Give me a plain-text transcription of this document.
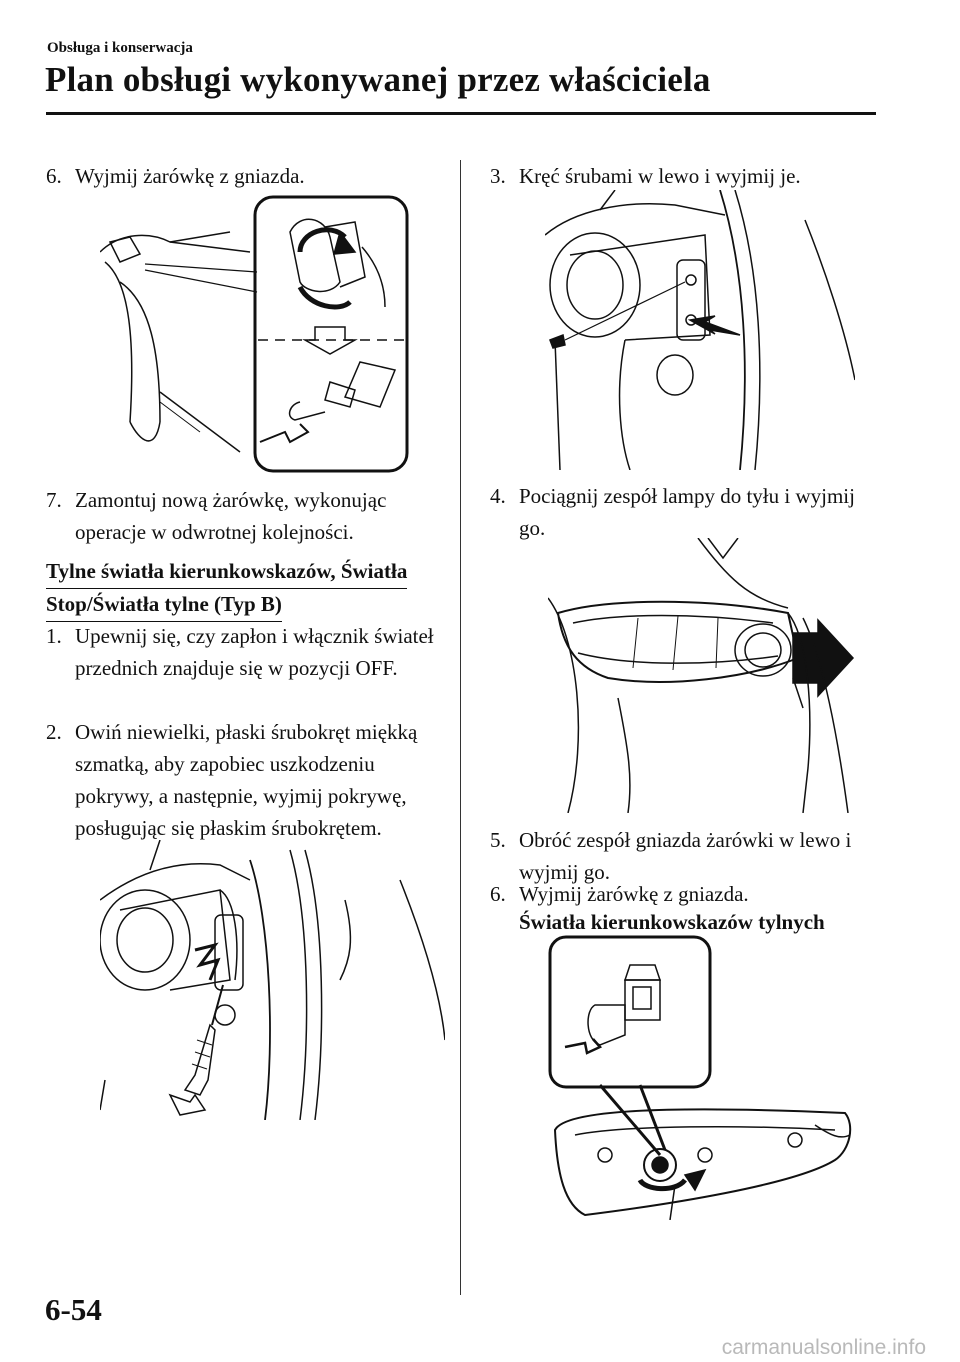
Obsługa i konserwacja
Plan obsługi wykonywanej przez właściciela
6. Wyjmij żarówkę z gniazda.
7. Zamontuj nową żarówkę, wykonując operacje w odwrotnej kolejności.
Tylne światła kierunkowskazów, Światła
Stop/Światła tylne (Typ B)
1. Upewnij się, czy zapłon i włącznik świateł przednich znajduje się w pozycji OFF.
2. Owiń niewielki, płaski śrubokręt miękką szmatką, aby zapobiec uszkodzeniu pokrywy, a następnie, wyjmij pokrywę, posługując się płaskim śrubokrętem.
3. Kręć śrubami w lewo i wyjmij je.
4. Pociągnij zespół lampy do tyłu i wyjmij go.
5. Obróć zespół gniazda żarówki w lewo i wyjmij go.
6. Wyjmij żarówkę z gniazda.
Światła kierunkowskazów tylnych
6-54
carmanualsonline.info
